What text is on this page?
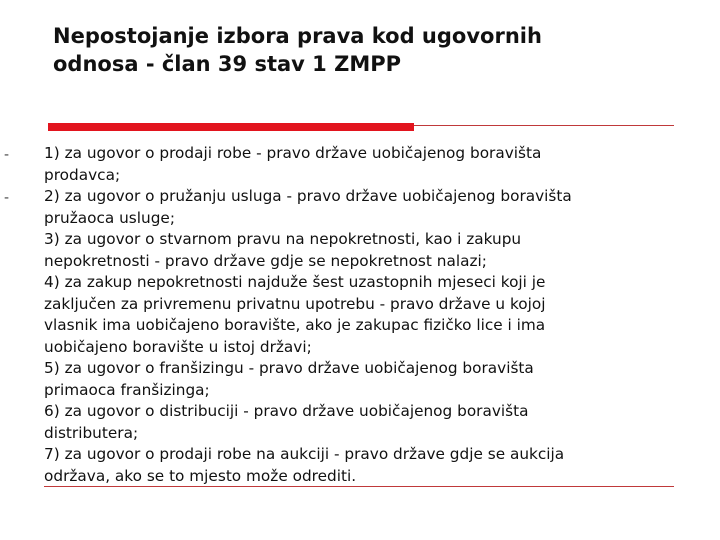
Nepostojanje izbora prava kod ugovornih
odnosa - član 39 stav 1 ZMPP
-
-
1) za ugovor o prodaji robe - pravo države uobičajenog boravišta
prodavca;
2) za ugovor o pružanju usluga - pravo države uobičajenog boravišta
pružaoca usluge;
3) za ugovor o stvarnom pravu na nepokretnosti, kao i zakupu
nepokretnosti - pravo države gdje se nepokretnost nalazi;
4) za zakup nepokretnosti najduže šest uzastopnih mjeseci koji je
zaključen za privremenu privatnu upotrebu - pravo države u kojoj
vlasnik ima uobičajeno boravište, ako je zakupac fizičko lice i ima
uobičajeno boravište u istoj državi;
5) za ugovor o franšizingu - pravo države uobičajenog boravišta
primaoca franšizinga;
6) za ugovor o distribuciji - pravo države uobičajenog boravišta
distributera;
7) za ugovor o prodaji robe na aukciji - pravo države gdje se aukcija
održava, ako se to mjesto može odrediti.
